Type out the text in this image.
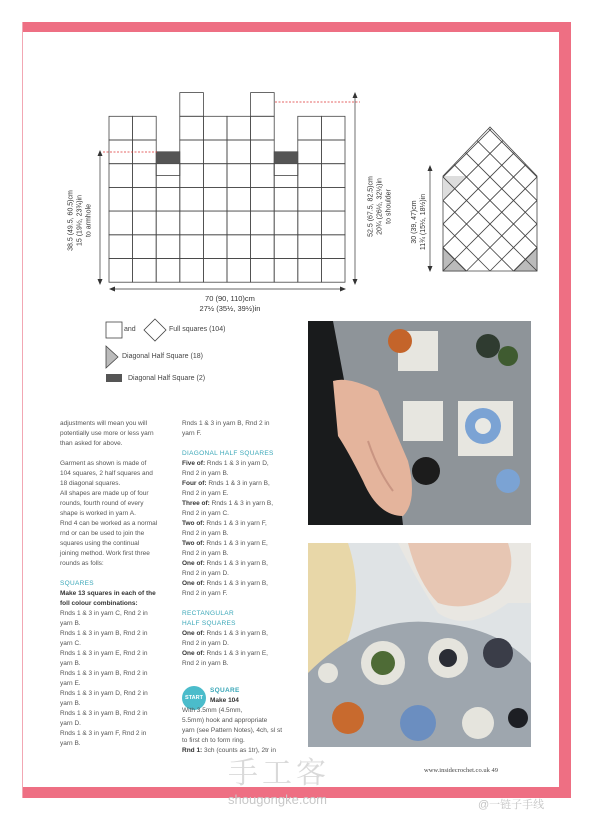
38.5 (49.5, 60.5)cm 15 (19½, 23¾)in to armhole	52.5 (67.5, 82.5)cm 20¾ (26½, 32½)in to shoulder	30 (39, 47)cm 11¾ (15½, 18½)in
70 (90, 110)cm
27½ (35½, 39½)in
and	Full squares (104)
Diagonal Half Square (18)
Diagonal Half Square (2)
adjustments will mean you will
potentially use more or less yarn
than asked for above.
Garment as shown is made of
104 squares, 2 half squares and
18 diagonal squares.
All shapes are made up of four
rounds, fourth round of every
shape is worked in yarn A.
Rnd 4 can be worked as a normal
rnd or can be used to join the
squares using the continual
joining method. Work first three
rounds as folls:
SQUARES
Make 13 squares in each of the
foll colour combinations:
Rnds 1 & 3 in yarn C, Rnd 2 in
yarn B.
Rnds 1 & 3 in yarn B, Rnd 2 in
yarn C.
Rnds 1 & 3 in yarn E, Rnd 2 in
yarn B.
Rnds 1 & 3 in yarn B, Rnd 2 in
yarn E.
Rnds 1 & 3 in yarn D, Rnd 2 in
yarn B.
Rnds 1 & 3 in yarn B, Rnd 2 in
yarn D.
Rnds 1 & 3 in yarn F, Rnd 2 in
yarn B.
Rnds 1 & 3 in yarn B, Rnd 2 in
yarn F.
DIAGONAL HALF SQUARES
Five of: Rnds 1 & 3 in yarn D,
Rnd 2 in yarn B.
Four of: Rnds 1 & 3 in yarn B,
Rnd 2 in yarn E.
Three of: Rnds 1 & 3 in yarn B,
Rnd 2 in yarn C.
Two of: Rnds 1 & 3 in yarn F,
Rnd 2 in yarn B.
Two of: Rnds 1 & 3 in yarn E,
Rnd 2 in yarn B.
One of: Rnds 1 & 3 in yarn B,
Rnd 2 in yarn D.
One of: Rnds 1 & 3 in yarn B,
Rnd 2 in yarn F.
RECTANGULAR
HALF SQUARES
One of: Rnds 1 & 3 in yarn B,
Rnd 2 in yarn D.
One of: Rnds 1 & 3 in yarn E,
Rnd 2 in yarn B.
START
SQUARE
Make 104
With 3.5mm (4.5mm,
5.5mm) hook and appropriate
yarn (see Pattern Notes), 4ch, sl st
to first ch to form ring.
Rnd 1: 3ch (counts as 1tr), 2tr in
www.insidecrochet.co.uk 49
手工客
shougongke.com	@一链子手线
